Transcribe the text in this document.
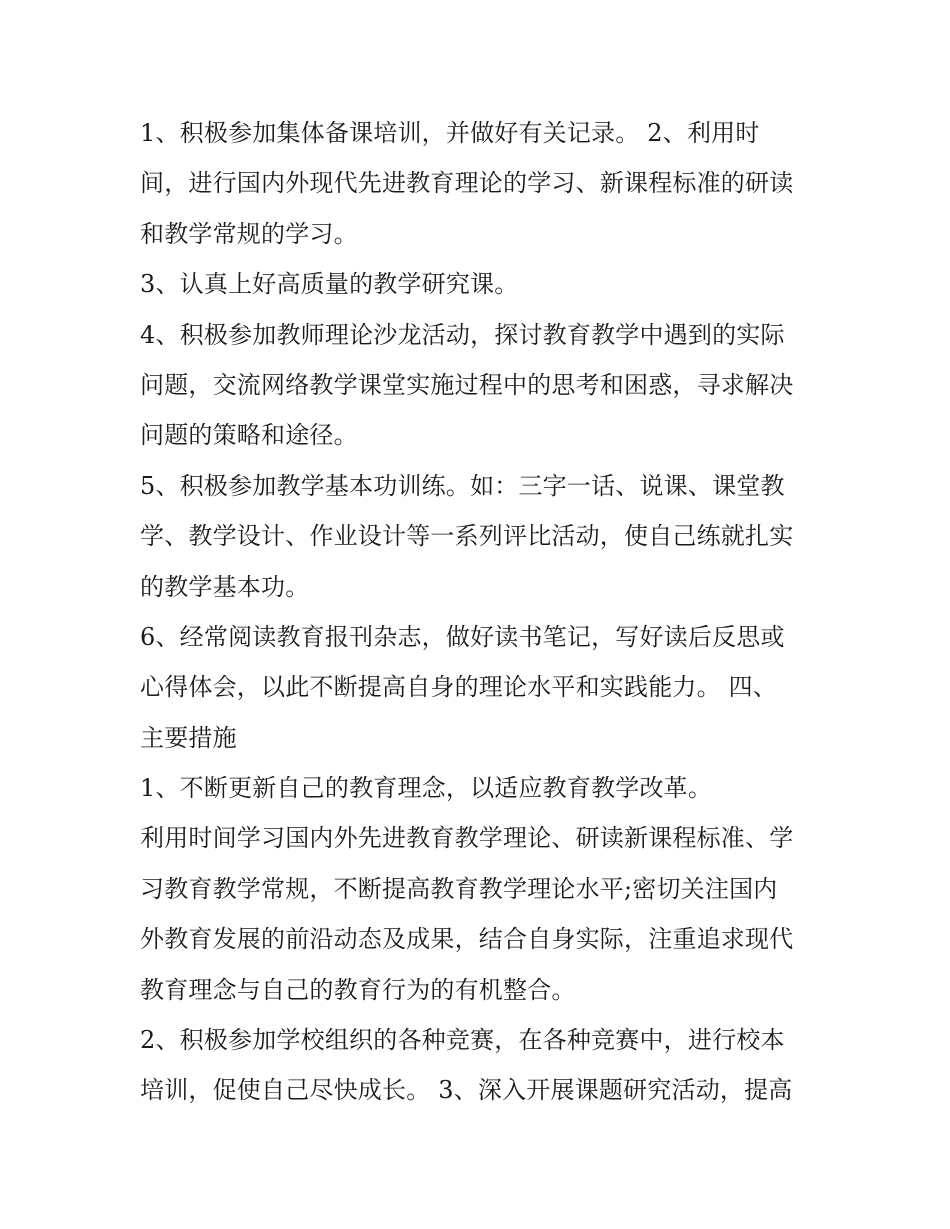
1、积极参加集体备课培训，并做好有关记录。 2、利用时
间，进行国内外现代先进教育理论的学习、新课程标准的研读
和教学常规的学习。
3、认真上好高质量的教学研究课。
4、积极参加教师理论沙龙活动，探讨教育教学中遇到的实际
问题，交流网络教学课堂实施过程中的思考和困惑，寻求解决
问题的策略和途径。
5、积极参加教学基本功训练。如：三字一话、说课、课堂教
学、教学设计、作业设计等一系列评比活动，使自己练就扎实
的教学基本功。
6、经常阅读教育报刊杂志，做好读书笔记，写好读后反思或
心得体会，以此不断提高自身的理论水平和实践能力。 四、
主要措施
1、不断更新自己的教育理念，以适应教育教学改革。
利用时间学习国内外先进教育教学理论、研读新课程标准、学
习教育教学常规，不断提高教育教学理论水平;密切关注国内
外教育发展的前沿动态及成果，结合自身实际，注重追求现代
教育理念与自己的教育行为的有机整合。
2、积极参加学校组织的各种竞赛，在各种竞赛中，进行校本
培训，促使自己尽快成长。 3、深入开展课题研究活动，提高
